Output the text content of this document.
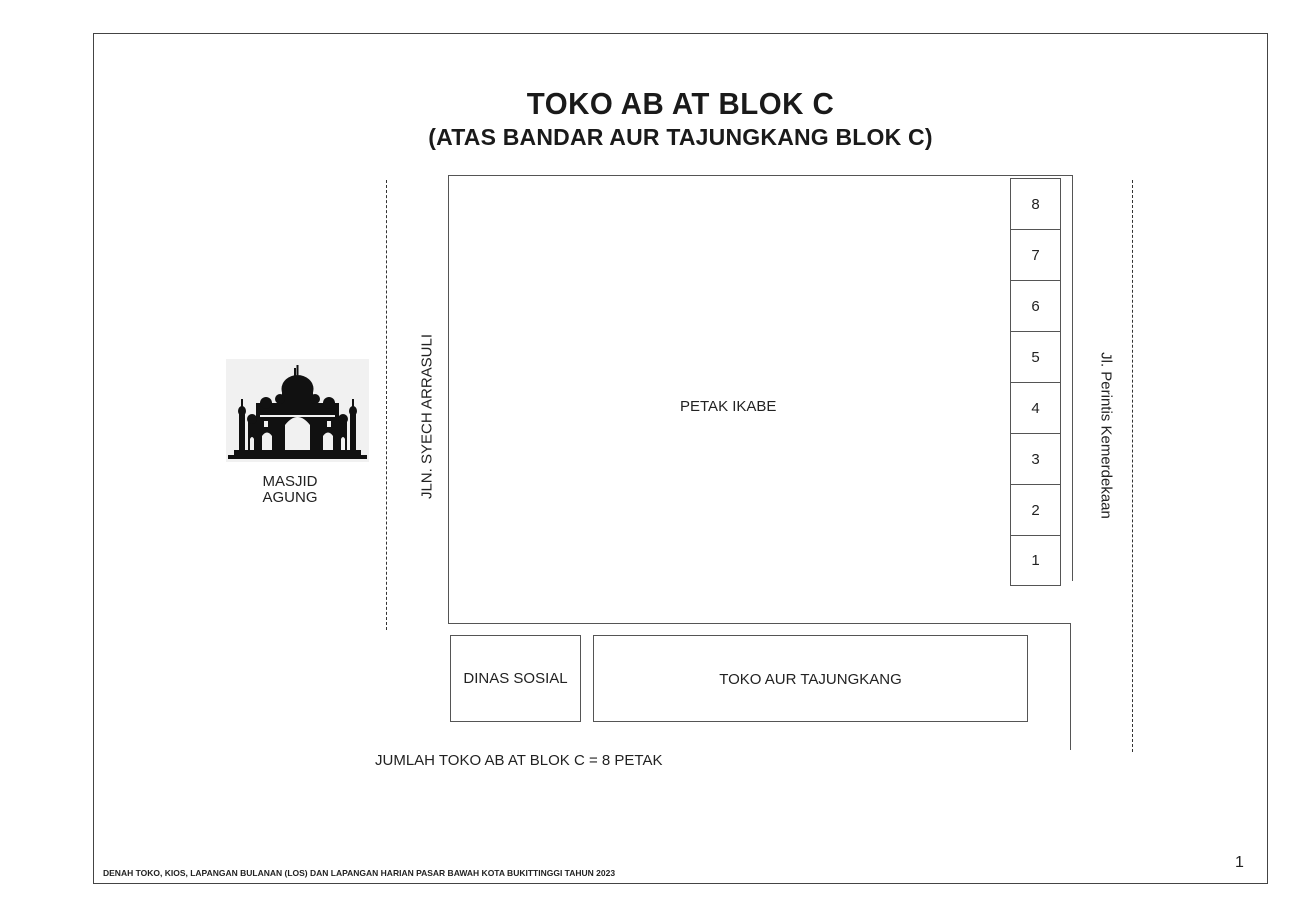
TOKO AB AT BLOK C
(ATAS BANDAR AUR TAJUNGKANG BLOK C)
MASJID
AGUNG	JLN. SYECH ARRASULI	PETAK IKABE
8
7
6
5
4
3
2
1
Jl. Perintis Kemerdekaan
DINAS SOSIAL	TOKO AUR TAJUNGKANG
JUMLAH TOKO AB AT BLOK C = 8 PETAK
DENAH TOKO, KIOS, LAPANGAN BULANAN (LOS) DAN LAPANGAN HARIAN PASAR BAWAH KOTA BUKITTINGGI TAHUN 2023
1
